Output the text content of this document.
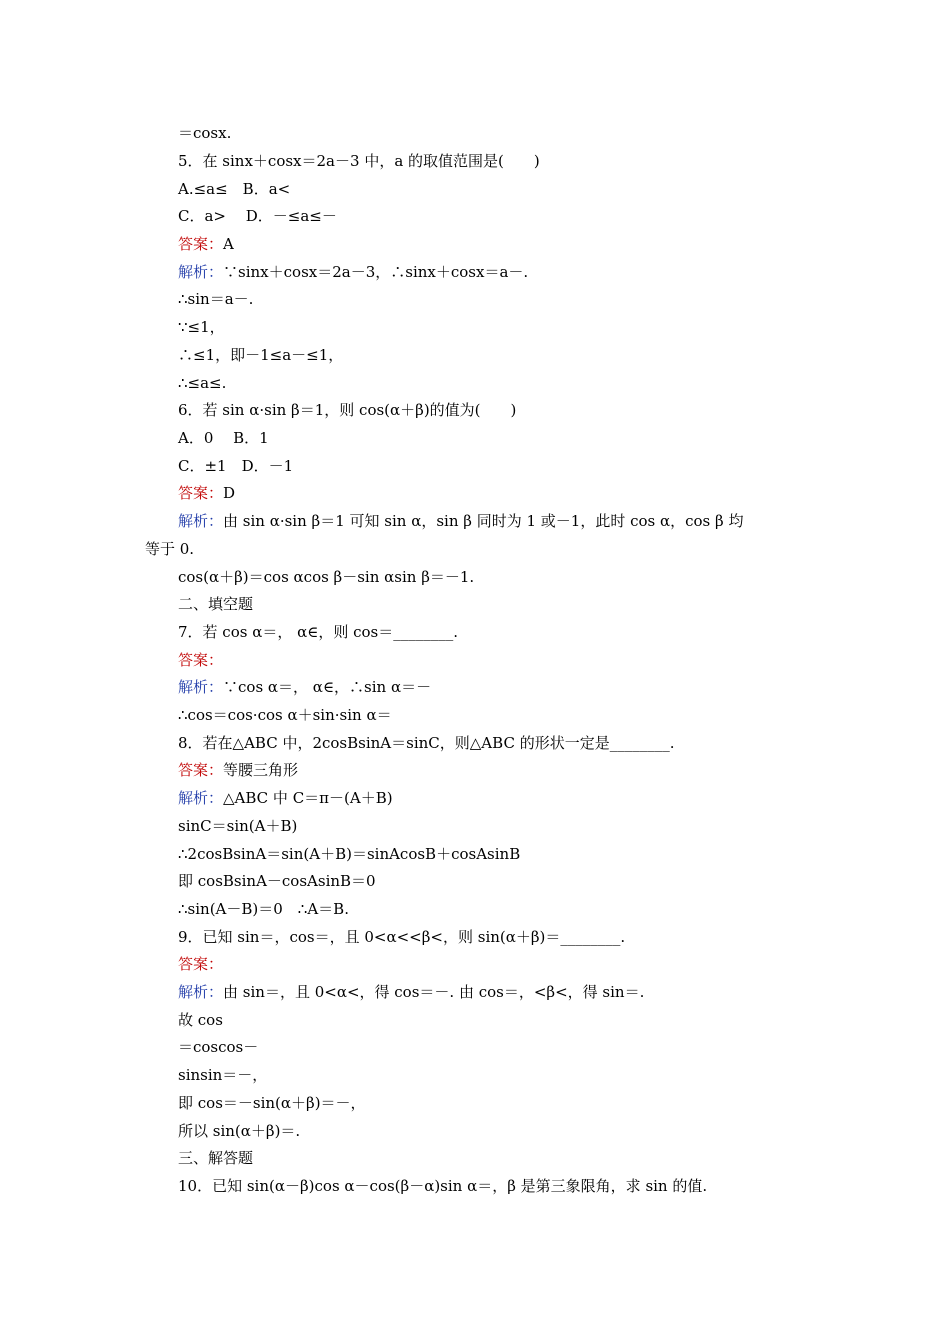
＝cosx.
5．在 sinx＋cosx＝2a－3 中，a 的取值范围是(　　)
A.≤a≤　B．a<
C．a>　 D．－≤a≤－
答案：A
解析：∵sinx＋cosx＝2a－3，∴sinx＋cosx＝a－.
∴sin＝a－.
∵≤1，
∴≤1，即－1≤a－≤1，
∴≤a≤.
6．若 sin α·sin β＝1，则 cos(α＋β)的值为(　　)
A．0　 B．1
C．±1　D．－1
答案：D
解析：由 sin α·sin β＝1 可知 sin α，sin β 同时为 1 或－1，此时 cos α，cos β 均
等于 0.
cos(α＋β)＝cos αcos β－sin αsin β＝－1.
二、填空题
7．若 cos α＝， α∈，则 cos＝________.
答案：
解析：∵cos α＝， α∈，∴sin α＝－
∴cos＝cos·cos α＋sin·sin α＝
8．若在△ABC 中，2cosBsinA＝sinC，则△ABC 的形状一定是________.
答案：等腰三角形
解析：△ABC 中 C＝π－(A＋B)
sinC＝sin(A＋B)
∴2cosBsinA＝sin(A＋B)＝sinAcosB＋cosAsinB
即 cosBsinA－cosAsinB＝0
∴sin(A－B)＝0　∴A＝B.
9．已知 sin＝，cos＝，且 0<α<<β<，则 sin(α＋β)＝________.
答案：
解析：由 sin＝，且 0<α<，得 cos＝－. 由 cos＝，<β<，得 sin＝.
故 cos
＝coscos－
sinsin＝－，
即 cos＝－sin(α＋β)＝－，
所以 sin(α＋β)＝.
三、解答题
10．已知 sin(α－β)cos α－cos(β－α)sin α＝，β 是第三象限角，求 sin 的值.
